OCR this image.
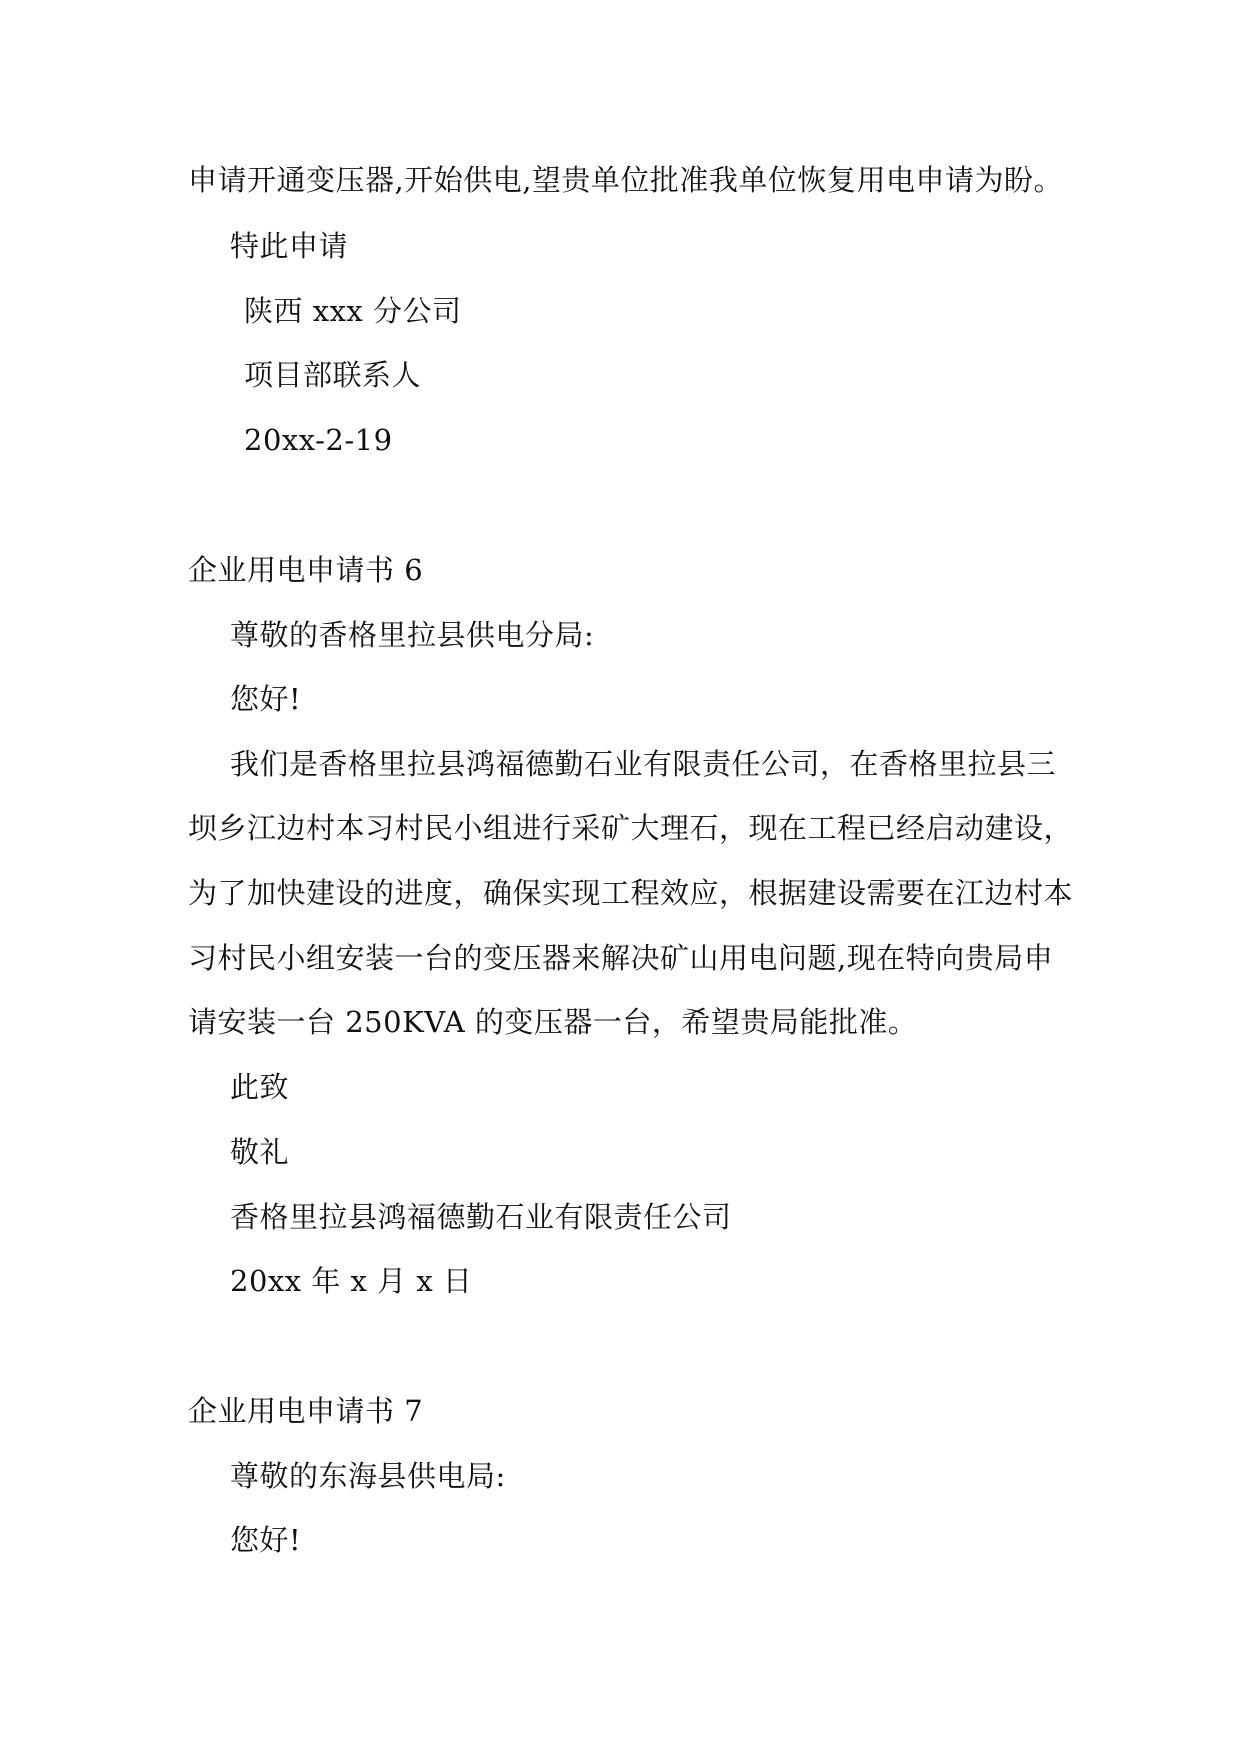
申请开通变压器,开始供电,望贵单位批准我单位恢复用电申请为盼。
特此申请
陕西 xxx 分公司
项目部联系人
20xx-2-19
企业用电申请书 6
尊敬的香格里拉县供电分局:
您好!
我们是香格里拉县鸿福德勤石业有限责任公司，在香格里拉县三
坝乡江边村本习村民小组进行采矿大理石，现在工程已经启动建设，
为了加快建设的进度，确保实现工程效应，根据建设需要在江边村本
习村民小组安装一台的变压器来解决矿山用电问题,现在特向贵局申
请安装一台 250KVA 的变压器一台，希望贵局能批准。
此致
敬礼
香格里拉县鸿福德勤石业有限责任公司
20xx 年 x 月 x 日
企业用电申请书 7
尊敬的东海县供电局:
您好!
